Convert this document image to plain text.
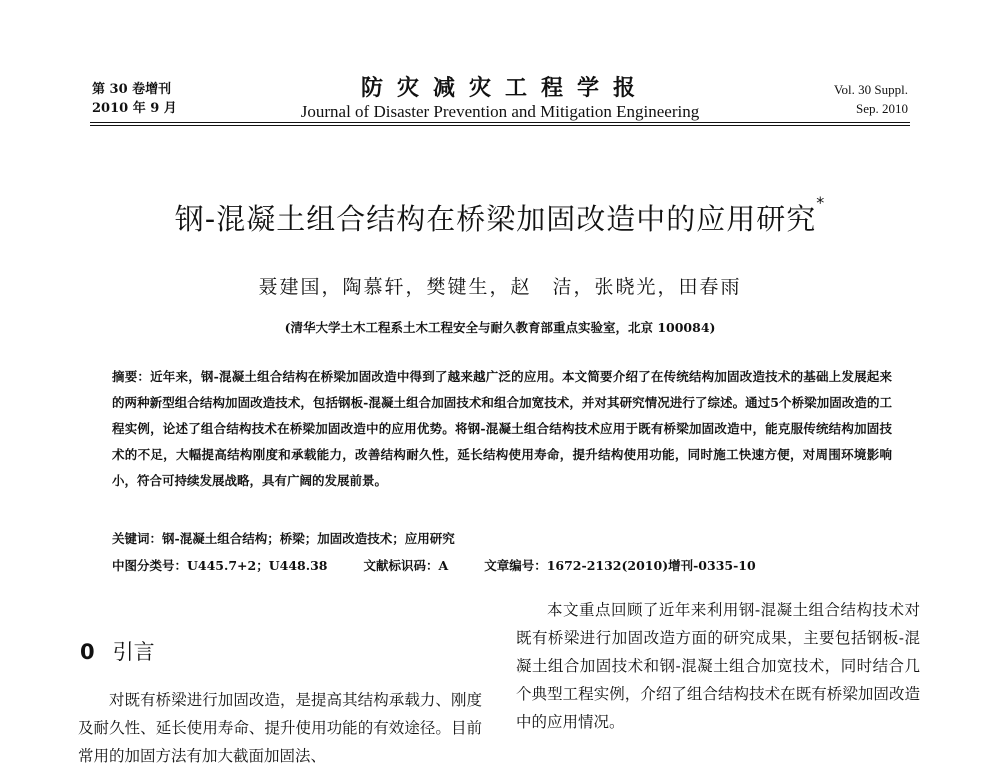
第 30 卷增刊
2010 年 9 月
防灾减灾工程学报
Journal of Disaster Prevention and Mitigation Engineering
Vol. 30 Suppl.
Sep. 2010
钢-混凝土组合结构在桥梁加固改造中的应用研究*
聂建国，陶慕轩，樊键生，赵　洁，张晓光，田春雨
(清华大学土木工程系土木工程安全与耐久教育部重点实验室，北京 100084)
摘要：近年来，钢-混凝土组合结构在桥梁加固改造中得到了越来越广泛的应用。本文简要介绍了在传统结构加固改造技术的基础上发展起来的两种新型组合结构加固改造技术，包括钢板-混凝土组合加固技术和组合加宽技术，并对其研究情况进行了综述。通过5个桥梁加固改造的工程实例，论述了组合结构技术在桥梁加固改造中的应用优势。将钢-混凝土组合结构技术应用于既有桥梁加固改造中，能克服传统结构加固技术的不足，大幅提高结构刚度和承载能力，改善结构耐久性，延长结构使用寿命，提升结构使用功能，同时施工快速方便，对周围环境影响小，符合可持续发展战略，具有广阔的发展前景。
关键词：钢-混凝土组合结构；桥梁；加固改造技术；应用研究
中图分类号：U445.7+2；U448.38	文献标识码：A	文章编号：1672-2132(2010)增刊-0335-10
0 引言

对既有桥梁进行加固改造，是提高其结构承载力、刚度及耐久性、延长使用寿命、提升使用功能的有效途径。目前常用的加固方法有加大截面加固法、

本文重点回顾了近年来利用钢-混凝土组合结构技术对既有桥梁进行加固改造方面的研究成果，主要包括钢板-混凝土组合加固技术和钢-混凝土组合加宽技术，同时结合几个典型工程实例，介绍了组合结构技术在既有桥梁加固改造中的应用情况。
